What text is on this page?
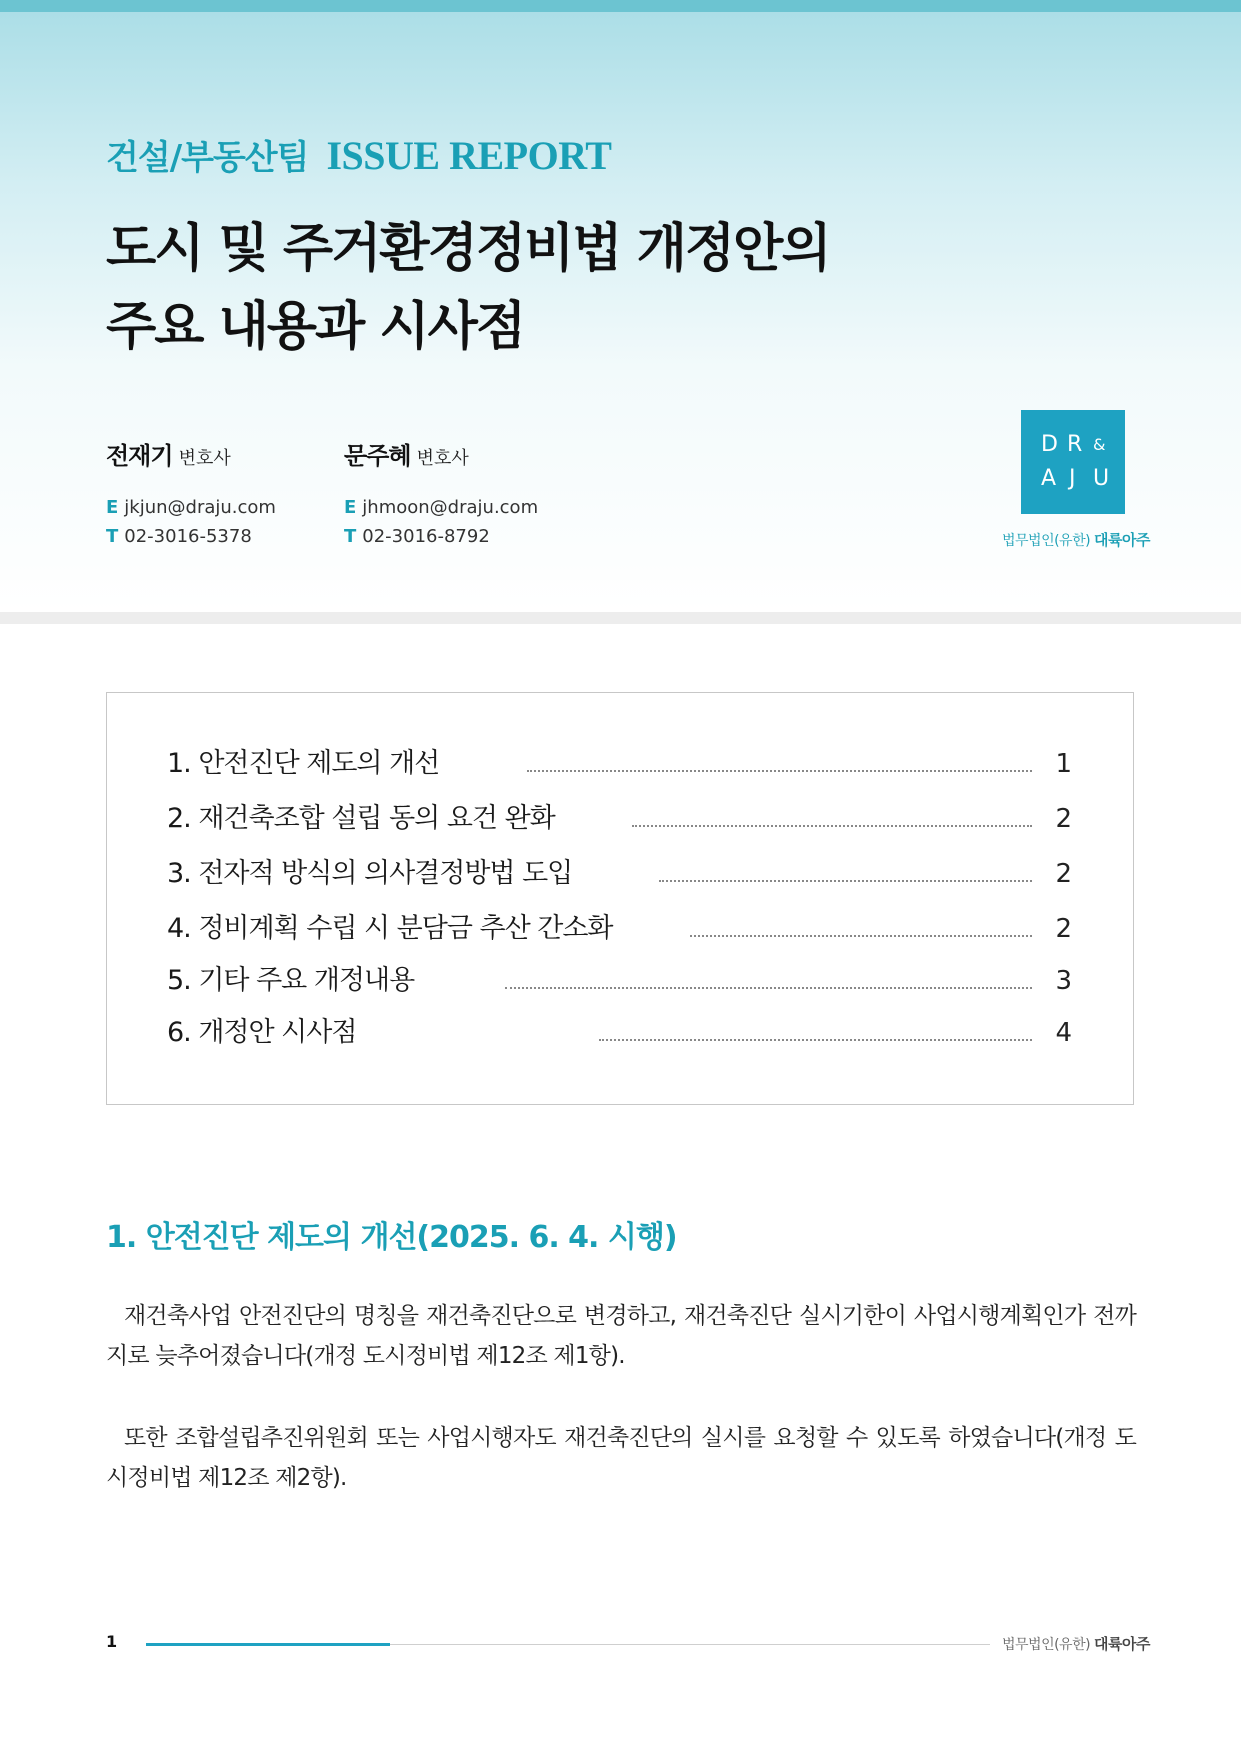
건설/부동산팀 ISSUE REPORT
도시 및 주거환경정비법 개정안의
주요 내용과 시사점
전재기 변호사
E jkjun@draju.com
T 02-3016-5378
문주혜 변호사
E jhmoon@draju.com
T 02-3016-8792
D R &
A J U
법무법인(유한) 대륙아주
1. 안전진단 제도의 개선	1
2. 재건축조합 설립 동의 요건 완화	2
3. 전자적 방식의 의사결정방법 도입	2
4. 정비계획 수립 시 분담금 추산 간소화	2
5. 기타 주요 개정내용	3
6. 개정안 시사점	4
1. 안전진단 제도의 개선(2025. 6. 4. 시행)
재건축사업 안전진단의 명칭을 재건축진단으로 변경하고, 재건축진단 실시기한이 사업시행계획인가 전까지로 늦추어졌습니다(개정 도시정비법 제12조 제1항).
또한 조합설립추진위원회 또는 사업시행자도 재건축진단의 실시를 요청할 수 있도록 하였습니다(개정 도시정비법 제12조 제2항).
1	법무법인(유한) 대륙아주
